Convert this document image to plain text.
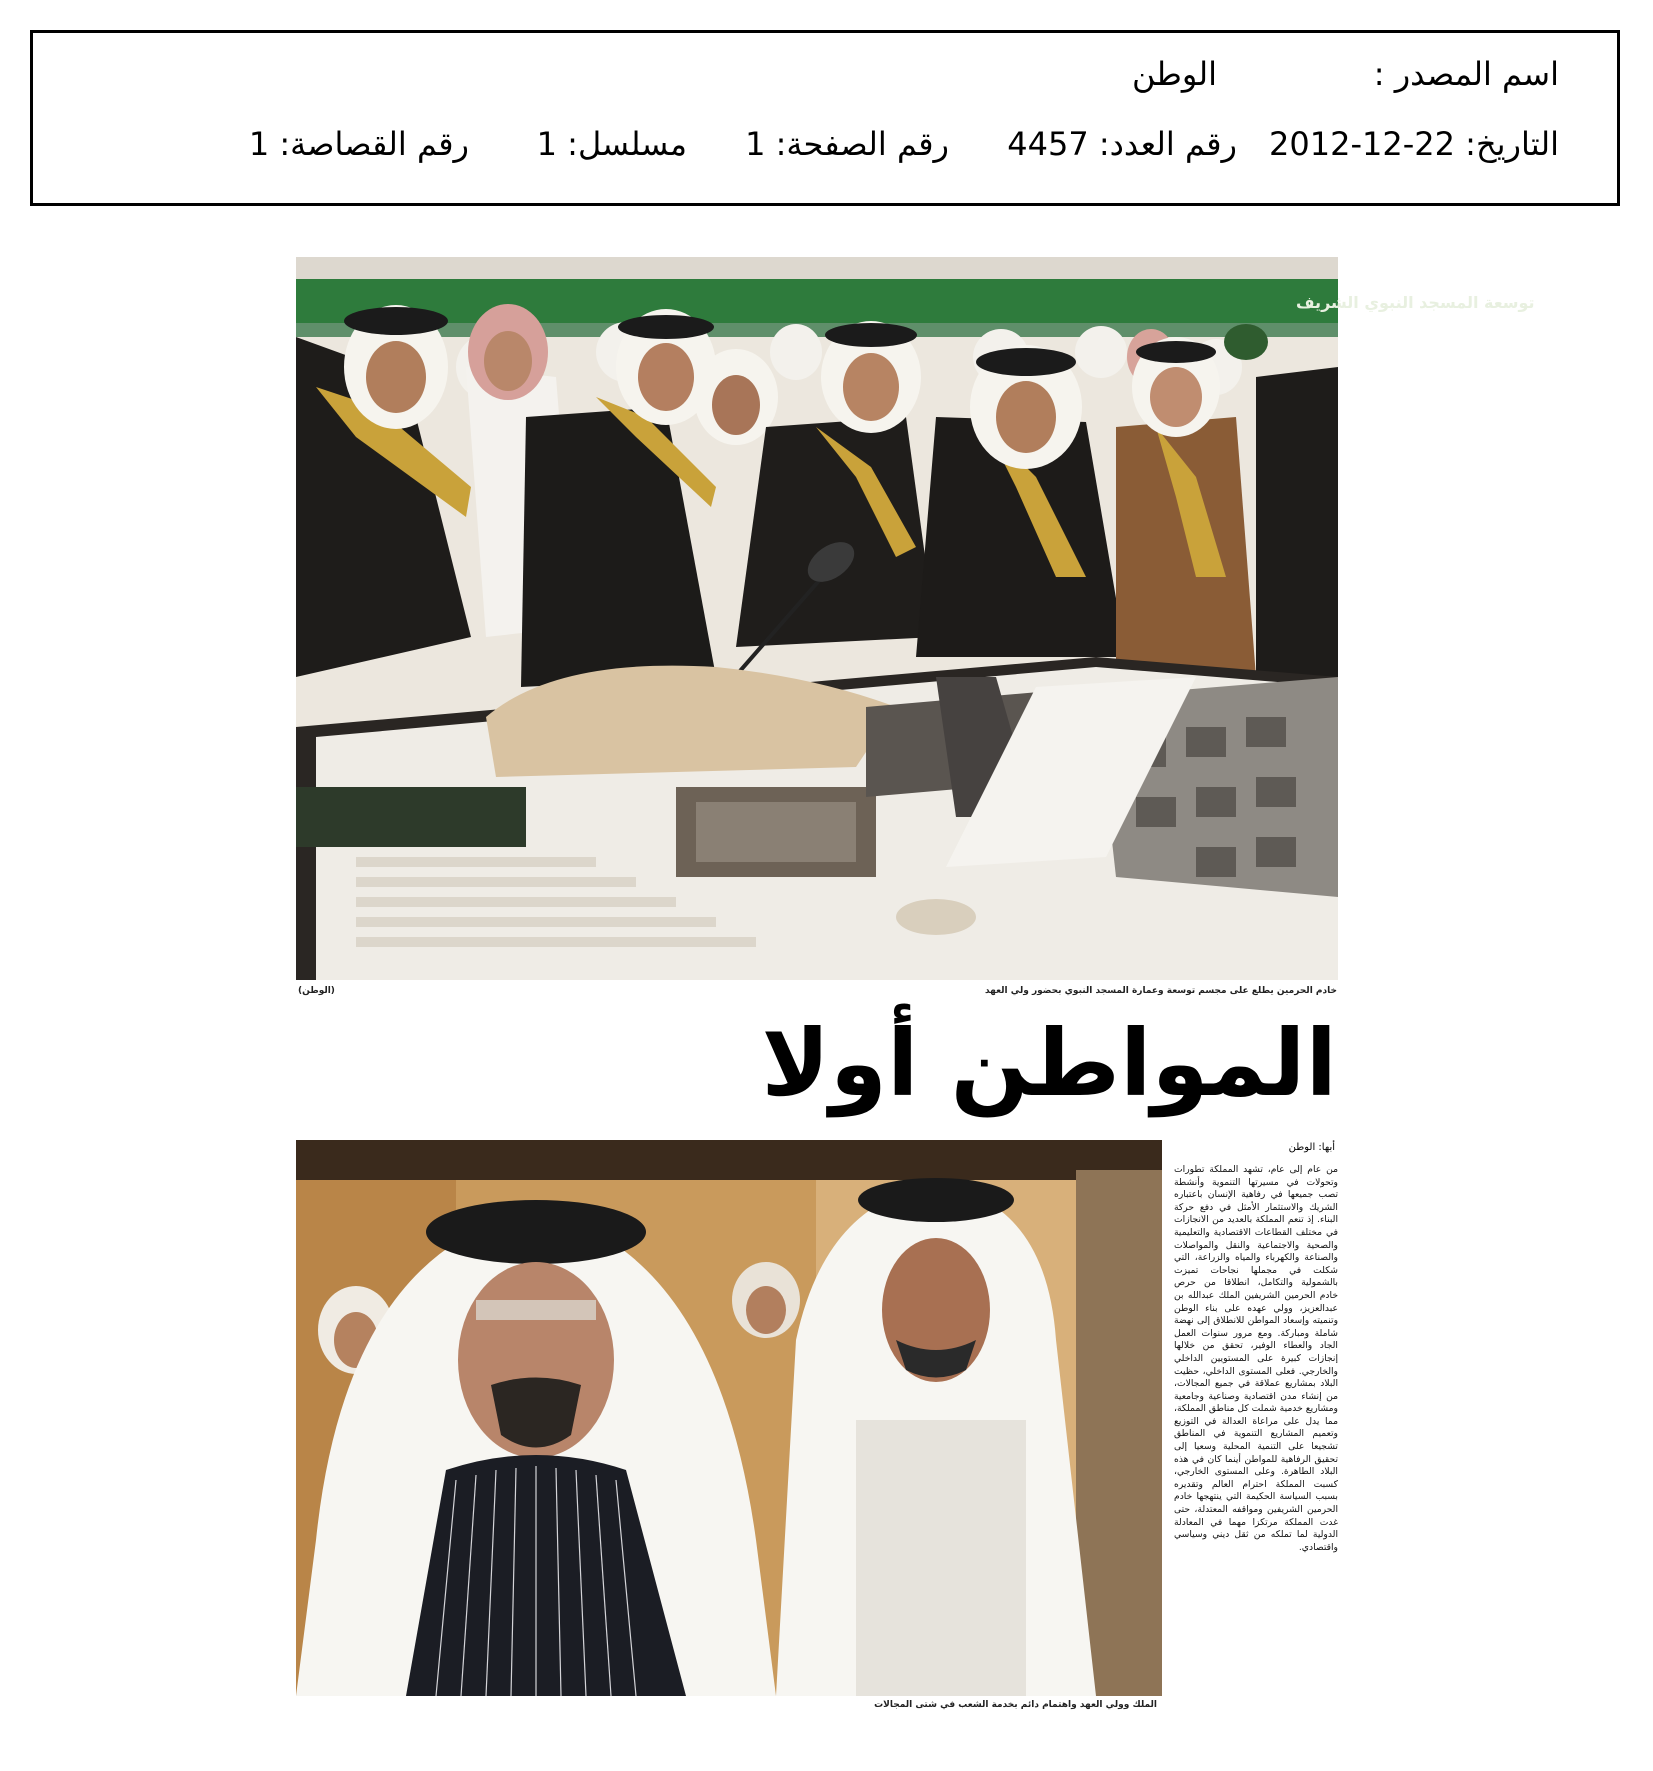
اسم المصدر :
الوطن
التاريخ: 22-12-2012
رقم العدد: 4457
رقم الصفحة: 1
مسلسل: 1
رقم القصاصة: 1
توسعة المسجد النبوي الشريف
خادم الحرمين يطلع على مجسم توسعة وعمارة المسجد النبوي بحضور ولي العهد
(الوطن)
المواطن أولا
الملك وولي العهد واهتمام دائم بخدمة الشعب في شتى المجالات
أبها: الوطن
من عام إلى عام، تشهد المملكة تطورات وتحولات في مسيرتها التنموية وأنشطة تصب جميعها في رفاهية الإنسان باعتباره الشريك والاستثمار الأمثل في دفع حركة البناء. إذ تنعم المملكة بالعديد من الانجازات في مختلف القطاعات الاقتصادية والتعليمية والصحية والاجتماعية والنقل والمواصلات والصناعة والكهرباء والمياه والزراعة، التي شكلت في مجملها نجاحات تميزت بالشمولية والتكامل، انطلاقا من حرص خادم الحرمين الشريفين الملك عبدالله بن عبدالعزيز، وولي عهده على بناء الوطن وتنميته وإسعاد المواطن للانطلاق إلى نهضة شاملة ومباركة. ومع مرور سنوات العمل الجاد والعطاء الوفير، تحقق من خلالها إنجازات كبيرة على المستويين الداخلي والخارجي. فعلى المستوى الداخلي، حظيت البلاد بمشاريع عملاقة في جميع المجالات، من إنشاء مدن اقتصادية وصناعية وجامعية ومشاريع خدمية شملت كل مناطق المملكة، مما يدل على مراعاة العدالة في التوزيع وتعميم المشاريع التنموية في المناطق تشجيعا على التنمية المحلية وسعيا إلى تحقيق الرفاهية للمواطن أينما كان في هذه البلاد الطاهرة. وعلى المستوى الخارجي، كسبت المملكة احترام العالم وتقديره بسبب السياسة الحكيمة التي ينتهجها خادم الحرمين الشريفين ومواقفه المعتدلة، حتى غدت المملكة مرتكزا مهما في المعادلة الدولية لما تملكه من ثقل ديني وسياسي واقتصادي.
